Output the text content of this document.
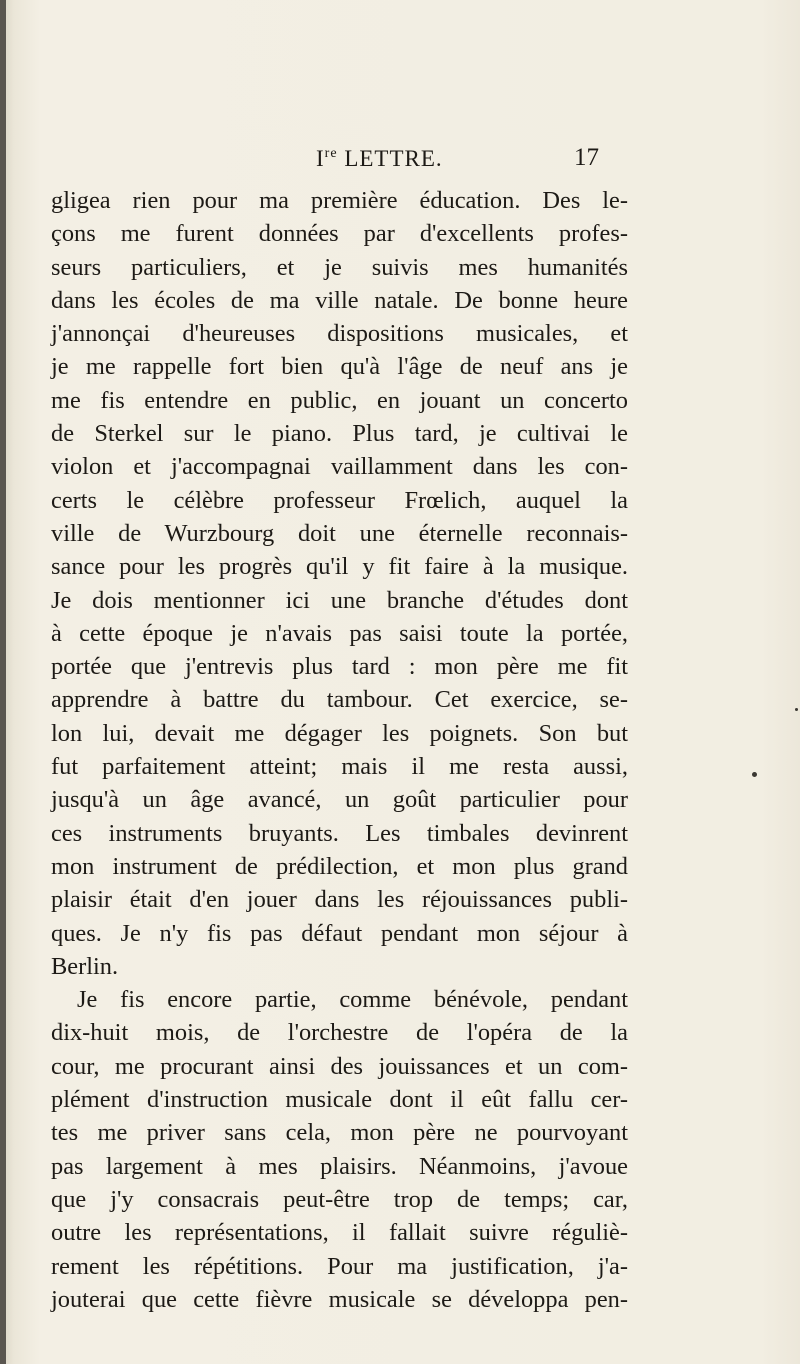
Ire LETTRE.	17
gligea rien pour ma première éducation. Des le-
çons me furent données par d'excellents profes-
seurs particuliers, et je suivis mes humanités
dans les écoles de ma ville natale. De bonne heure
j'annonçai d'heureuses dispositions musicales, et
je me rappelle fort bien qu'à l'âge de neuf ans je
me fis entendre en public, en jouant un concerto
de Sterkel sur le piano. Plus tard, je cultivai le
violon et j'accompagnai vaillamment dans les con-
certs le célèbre professeur Frœlich, auquel la
ville de Wurzbourg doit une éternelle reconnais-
sance pour les progrès qu'il y fit faire à la musique.
Je dois mentionner ici une branche d'études dont
à cette époque je n'avais pas saisi toute la portée,
portée que j'entrevis plus tard : mon père me fit
apprendre à battre du tambour. Cet exercice, se-
lon lui, devait me dégager les poignets. Son but
fut parfaitement atteint; mais il me resta aussi,
jusqu'à un âge avancé, un goût particulier pour
ces instruments bruyants. Les timbales devinrent
mon instrument de prédilection, et mon plus grand
plaisir était d'en jouer dans les réjouissances publi-
ques. Je n'y fis pas défaut pendant mon séjour à
Berlin.
Je fis encore partie, comme bénévole, pendant
dix-huit mois, de l'orchestre de l'opéra de la
cour, me procurant ainsi des jouissances et un com-
plément d'instruction musicale dont il eût fallu cer-
tes me priver sans cela, mon père ne pourvoyant
pas largement à mes plaisirs. Néanmoins, j'avoue
que j'y consacrais peut-être trop de temps; car,
outre les représentations, il fallait suivre réguliè-
rement les répétitions. Pour ma justification, j'a-
jouterai que cette fièvre musicale se développa pen-
